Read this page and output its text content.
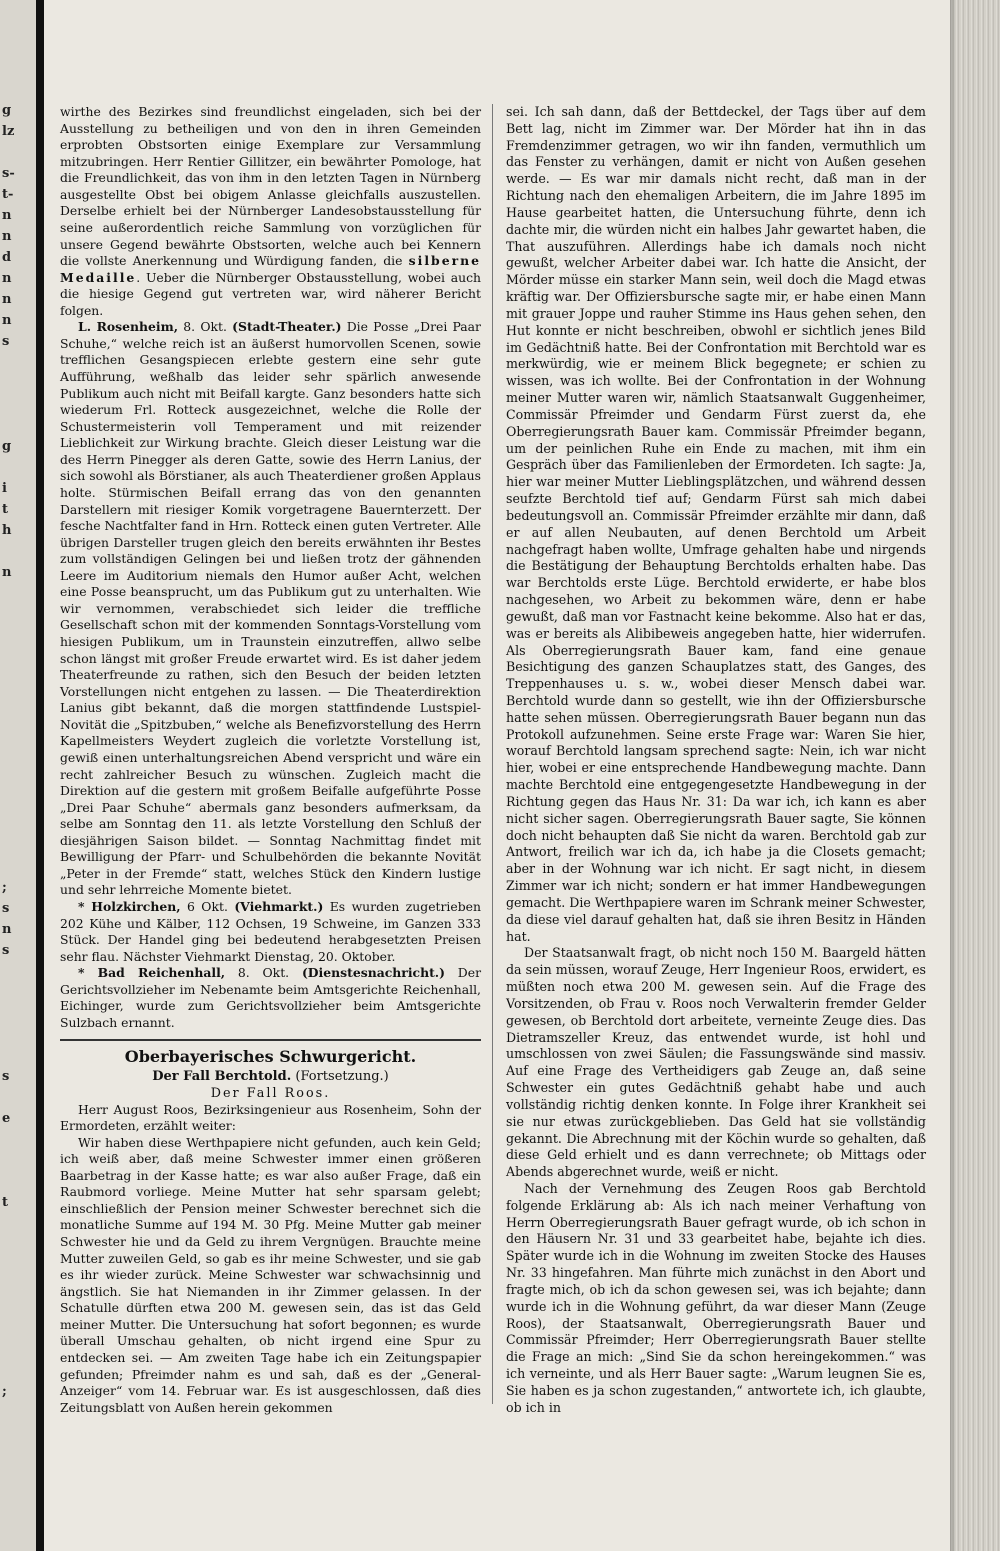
g
lz
s-
t-
n
n
d
n
n
n
s
g
i
t
h
n
;
s
n
s
s
e
t
;

wirthe des Bezirkes sind freundlichst eingeladen, sich bei der Ausstellung zu betheiligen und von den in ihren Gemeinden erprobten Obstsorten einige Exemplare zur Versammlung mitzubringen. Herr Rentier Gillitzer, ein bewährter Pomologe, hat die Freundlichkeit, das von ihm in den letzten Tagen in Nürnberg ausgestellte Obst bei obigem Anlasse gleichfalls auszustellen. Derselbe erhielt bei der Nürnberger Landesobstausstellung für seine außerordentlich reiche Sammlung von vorzüglichen für unsere Gegend bewährte Obstsorten, welche auch bei Kennern die vollste Anerkennung und Würdigung fanden, die silberne Medaille. Ueber die Nürnberger Obstausstellung, wobei auch die hiesige Gegend gut vertreten war, wird näherer Bericht folgen.

L. Rosenheim, 8. Okt. (Stadt-Theater.) Die Posse „Drei Paar Schuhe,“ welche reich ist an äußerst humorvollen Scenen, sowie trefflichen Gesangspiecen erlebte gestern eine sehr gute Aufführung, weßhalb das leider sehr spärlich anwesende Publikum auch nicht mit Beifall kargte. Ganz besonders hatte sich wiederum Frl. Rotteck ausgezeichnet, welche die Rolle der Schustermeisterin voll Temperament und mit reizender Lieblichkeit zur Wirkung brachte. Gleich dieser Leistung war die des Herrn Pinegger als deren Gatte, sowie des Herrn Lanius, der sich sowohl als Börstianer, als auch Theaterdiener großen Applaus holte. Stürmischen Beifall errang das von den genannten Darstellern mit riesiger Komik vorgetragene Bauernterzett. Der fesche Nachtfalter fand in Hrn. Rotteck einen guten Vertreter. Alle übrigen Darsteller trugen gleich den bereits erwähnten ihr Bestes zum vollständigen Gelingen bei und ließen trotz der gähnenden Leere im Auditorium niemals den Humor außer Acht, welchen eine Posse beansprucht, um das Publikum gut zu unterhalten. Wie wir vernommen, verabschiedet sich leider die treffliche Gesellschaft schon mit der kommenden Sonntags-Vorstellung vom hiesigen Publikum, um in Traunstein einzutreffen, allwo selbe schon längst mit großer Freude erwartet wird. Es ist daher jedem Theaterfreunde zu rathen, sich den Besuch der beiden letzten Vorstellungen nicht entgehen zu lassen. — Die Theaterdirektion Lanius gibt bekannt, daß die morgen stattfindende Lustspiel-Novität die „Spitzbuben,“ welche als Benefizvorstellung des Herrn Kapellmeisters Weydert zugleich die vorletzte Vorstellung ist, gewiß einen unterhaltungsreichen Abend verspricht und wäre ein recht zahlreicher Besuch zu wünschen. Zugleich macht die Direktion auf die gestern mit großem Beifalle aufgeführte Posse „Drei Paar Schuhe“ abermals ganz besonders aufmerksam, da selbe am Sonntag den 11. als letzte Vorstellung den Schluß der diesjährigen Saison bildet. — Sonntag Nachmittag findet mit Bewilligung der Pfarr- und Schulbehörden die bekannte Novität „Peter in der Fremde“ statt, welches Stück den Kindern lustige und sehr lehrreiche Momente bietet.

* Holzkirchen, 6 Okt. (Viehmarkt.) Es wurden zugetrieben 202 Kühe und Kälber, 112 Ochsen, 19 Schweine, im Ganzen 333 Stück. Der Handel ging bei bedeutend herabgesetzten Preisen sehr flau. Nächster Viehmarkt Dienstag, 20. Oktober.

* Bad Reichenhall, 8. Okt. (Dienstesnachricht.) Der Gerichtsvollzieher im Nebenamte beim Amtsgerichte Reichenhall, Eichinger, wurde zum Gerichtsvollzieher beim Amtsgerichte Sulzbach ernannt.

Oberbayerisches Schwurgericht.
Der Fall Berchtold. (Fortsetzung.)
Der Fall Roos.

Herr August Roos, Bezirksingenieur aus Rosenheim, Sohn der Ermordeten, erzählt weiter:

Wir haben diese Werthpapiere nicht gefunden, auch kein Geld; ich weiß aber, daß meine Schwester immer einen größeren Baarbetrag in der Kasse hatte; es war also außer Frage, daß ein Raubmord vorliege. Meine Mutter hat sehr sparsam gelebt; einschließlich der Pension meiner Schwester berechnet sich die monatliche Summe auf 194 M. 30 Pfg. Meine Mutter gab meiner Schwester hie und da Geld zu ihrem Vergnügen. Brauchte meine Mutter zuweilen Geld, so gab es ihr meine Schwester, und sie gab es ihr wieder zurück. Meine Schwester war schwachsinnig und ängstlich. Sie hat Niemanden in ihr Zimmer gelassen. In der Schatulle dürften etwa 200 M. gewesen sein, das ist das Geld meiner Mutter. Die Untersuchung hat sofort begonnen; es wurde überall Umschau gehalten, ob nicht irgend eine Spur zu entdecken sei. — Am zweiten Tage habe ich ein Zeitungspapier gefunden; Pfreimder nahm es und sah, daß es der „General-Anzeiger“ vom 14. Februar war. Es ist ausgeschlossen, daß dies Zeitungsblatt von Außen herein gekommen

sei. Ich sah dann, daß der Bettdeckel, der Tags über auf dem Bett lag, nicht im Zimmer war. Der Mörder hat ihn in das Fremdenzimmer getragen, wo wir ihn fanden, vermuthlich um das Fenster zu verhängen, damit er nicht von Außen gesehen werde. — Es war mir damals nicht recht, daß man in der Richtung nach den ehemaligen Arbeitern, die im Jahre 1895 im Hause gearbeitet hatten, die Untersuchung führte, denn ich dachte mir, die würden nicht ein halbes Jahr gewartet haben, die That auszuführen. Allerdings habe ich damals noch nicht gewußt, welcher Arbeiter dabei war. Ich hatte die Ansicht, der Mörder müsse ein starker Mann sein, weil doch die Magd etwas kräftig war. Der Offiziersbursche sagte mir, er habe einen Mann mit grauer Joppe und rauher Stimme ins Haus gehen sehen, den Hut konnte er nicht beschreiben, obwohl er sichtlich jenes Bild im Gedächtniß hatte. Bei der Confrontation mit Berchtold war es merkwürdig, wie er meinem Blick begegnete; er schien zu wissen, was ich wollte. Bei der Confrontation in der Wohnung meiner Mutter waren wir, nämlich Staatsanwalt Guggenheimer, Commissär Pfreimder und Gendarm Fürst zuerst da, ehe Oberregierungsrath Bauer kam. Commissär Pfreimder begann, um der peinlichen Ruhe ein Ende zu machen, mit ihm ein Gespräch über das Familienleben der Ermordeten. Ich sagte: Ja, hier war meiner Mutter Lieblingsplätzchen, und während dessen seufzte Berchtold tief auf; Gendarm Fürst sah mich dabei bedeutungsvoll an. Commissär Pfreimder erzählte mir dann, daß er auf allen Neubauten, auf denen Berchtold um Arbeit nachgefragt haben wollte, Umfrage gehalten habe und nirgends die Bestätigung der Behauptung Berchtolds erhalten habe. Das war Berchtolds erste Lüge. Berchtold erwiderte, er habe blos nachgesehen, wo Arbeit zu bekommen wäre, denn er habe gewußt, daß man vor Fastnacht keine bekomme. Also hat er das, was er bereits als Alibibeweis angegeben hatte, hier widerrufen. Als Oberregierungsrath Bauer kam, fand eine genaue Besichtigung des ganzen Schauplatzes statt, des Ganges, des Treppenhauses u. s. w., wobei dieser Mensch dabei war. Berchtold wurde dann so gestellt, wie ihn der Offiziersbursche hatte sehen müssen. Oberregierungsrath Bauer begann nun das Protokoll aufzunehmen. Seine erste Frage war: Waren Sie hier, worauf Berchtold langsam sprechend sagte: Nein, ich war nicht hier, wobei er eine entsprechende Handbewegung machte. Dann machte Berchtold eine entgegengesetzte Handbewegung in der Richtung gegen das Haus Nr. 31: Da war ich, ich kann es aber nicht sicher sagen. Oberregierungsrath Bauer sagte, Sie können doch nicht behaupten daß Sie nicht da waren. Berchtold gab zur Antwort, freilich war ich da, ich habe ja die Closets gemacht; aber in der Wohnung war ich nicht. Er sagt nicht, in diesem Zimmer war ich nicht; sondern er hat immer Handbewegungen gemacht. Die Werthpapiere waren im Schrank meiner Schwester, da diese viel darauf gehalten hat, daß sie ihren Besitz in Händen hat.

Der Staatsanwalt fragt, ob nicht noch 150 M. Baargeld hätten da sein müssen, worauf Zeuge, Herr Ingenieur Roos, erwidert, es müßten noch etwa 200 M. gewesen sein. Auf die Frage des Vorsitzenden, ob Frau v. Roos noch Verwalterin fremder Gelder gewesen, ob Berchtold dort arbeitete, verneinte Zeuge dies. Das Dietramszeller Kreuz, das entwendet wurde, ist hohl und umschlossen von zwei Säulen; die Fassungswände sind massiv. Auf eine Frage des Vertheidigers gab Zeuge an, daß seine Schwester ein gutes Gedächtniß gehabt habe und auch vollständig richtig denken konnte. In Folge ihrer Krankheit sei sie nur etwas zurückgeblieben. Das Geld hat sie vollständig gekannt. Die Abrechnung mit der Köchin wurde so gehalten, daß diese Geld erhielt und es dann verrechnete; ob Mittags oder Abends abgerechnet wurde, weiß er nicht.

Nach der Vernehmung des Zeugen Roos gab Berchtold folgende Erklärung ab: Als ich nach meiner Verhaftung von Herrn Oberregierungsrath Bauer gefragt wurde, ob ich schon in den Häusern Nr. 31 und 33 gearbeitet habe, bejahte ich dies. Später wurde ich in die Wohnung im zweiten Stocke des Hauses Nr. 33 hingefahren. Man führte mich zunächst in den Abort und fragte mich, ob ich da schon gewesen sei, was ich bejahte; dann wurde ich in die Wohnung geführt, da war dieser Mann (Zeuge Roos), der Staatsanwalt, Oberregierungsrath Bauer und Commissär Pfreimder; Herr Oberregierungsrath Bauer stellte die Frage an mich: „Sind Sie da schon hereingekommen.“ was ich verneinte, und als Herr Bauer sagte: „Warum leugnen Sie es, Sie haben es ja schon zugestanden,“ antwortete ich, ich glaubte, ob ich in
